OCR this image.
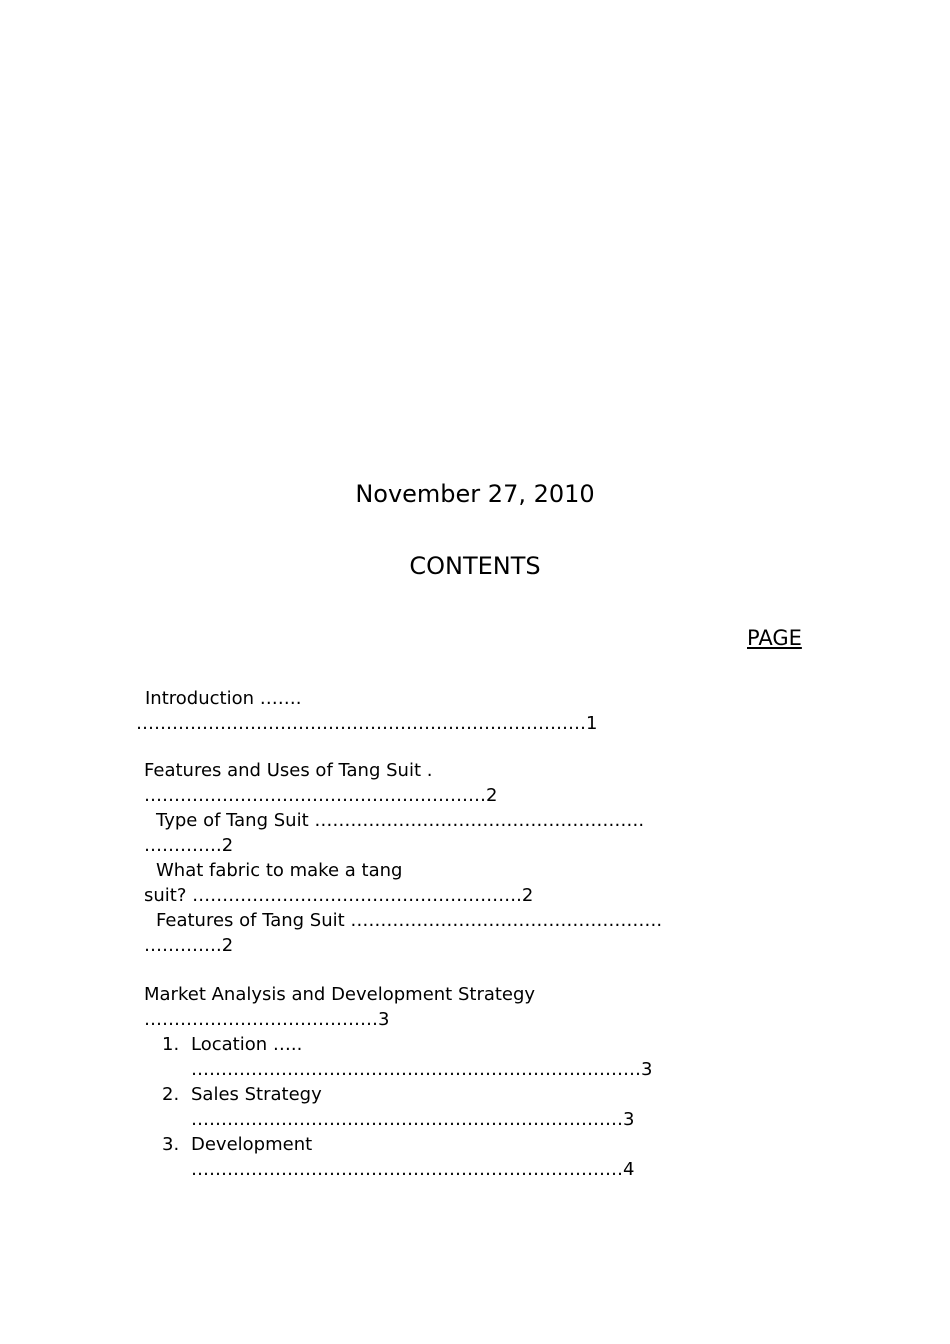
November 27, 2010
CONTENTS
PAGE
Introduction …….
…………………………………………………………………1
Features and Uses of Tang Suit .
…………………………………………………2
Type of Tang Suit ……………………………………………….
………….2
What fabric to make a tang
suit? ……………………………………………….2
Features of Tang Suit …………………………………………….
………….2
Market Analysis and Development Strategy
…………………………………3
1. Location …..
…………………………………………………………………3
2. Sales Strategy
………………………………………………………………3
3. Development
………………………………………………………………4
